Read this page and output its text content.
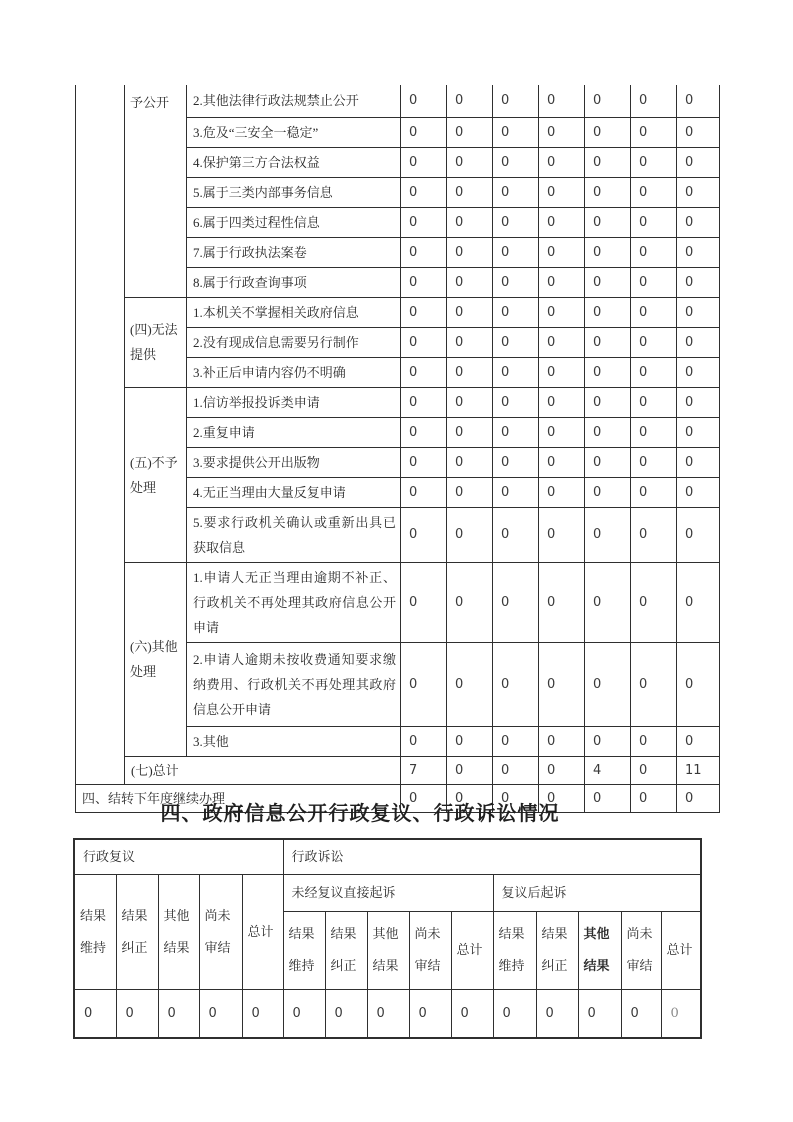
	予公开	2.其他法律行政法规禁止公开	0	0	0	0	0	0	0
		3.危及“三安全一稳定”	0	0	0	0	0	0	0
		4.保护第三方合法权益	0	0	0	0	0	0	0
		5.属于三类内部事务信息	0	0	0	0	0	0	0
		6.属于四类过程性信息	0	0	0	0	0	0	0
		7.属于行政执法案卷	0	0	0	0	0	0	0
		8.属于行政查询事项	0	0	0	0	0	0	0
	(四)无法提供	1.本机关不掌握相关政府信息	0	0	0	0	0	0	0
		2.没有现成信息需要另行制作	0	0	0	0	0	0	0
		3.补正后申请内容仍不明确	0	0	0	0	0	0	0
	(五)不予处理	1.信访举报投诉类申请	0	0	0	0	0	0	0
		2.重复申请	0	0	0	0	0	0	0
		3.要求提供公开出版物	0	0	0	0	0	0	0
		4.无正当理由大量反复申请	0	0	0	0	0	0	0
		5.要求行政机关确认或重新出具已获取信息	0	0	0	0	0	0	0
	(六)其他处理	1.申请人无正当理由逾期不补正、行政机关不再处理其政府信息公开申请	0	0	0	0	0	0	0
		2.申请人逾期未按收费通知要求缴纳费用、行政机关不再处理其政府信息公开申请	0	0	0	0	0	0	0
		3.其他	0	0	0	0	0	0	0
	(七)总计		7	0	0	0	4	0	11
四、结转下年度继续办理			0	0	0	0	0	0	0
四、政府信息公开行政复议、行政诉讼情况
行政复议					行政诉讼									
结果维持	结果纠正	其他结果	尚未审结	总计	未经复议直接起诉					复议后起诉				
					结果维持	结果纠正	其他结果	尚未审结	总计	结果维持	结果纠正	其他结果	尚未审结	总计
0	0	0	0	0	0	0	0	0	0	0	0	0	0	0
